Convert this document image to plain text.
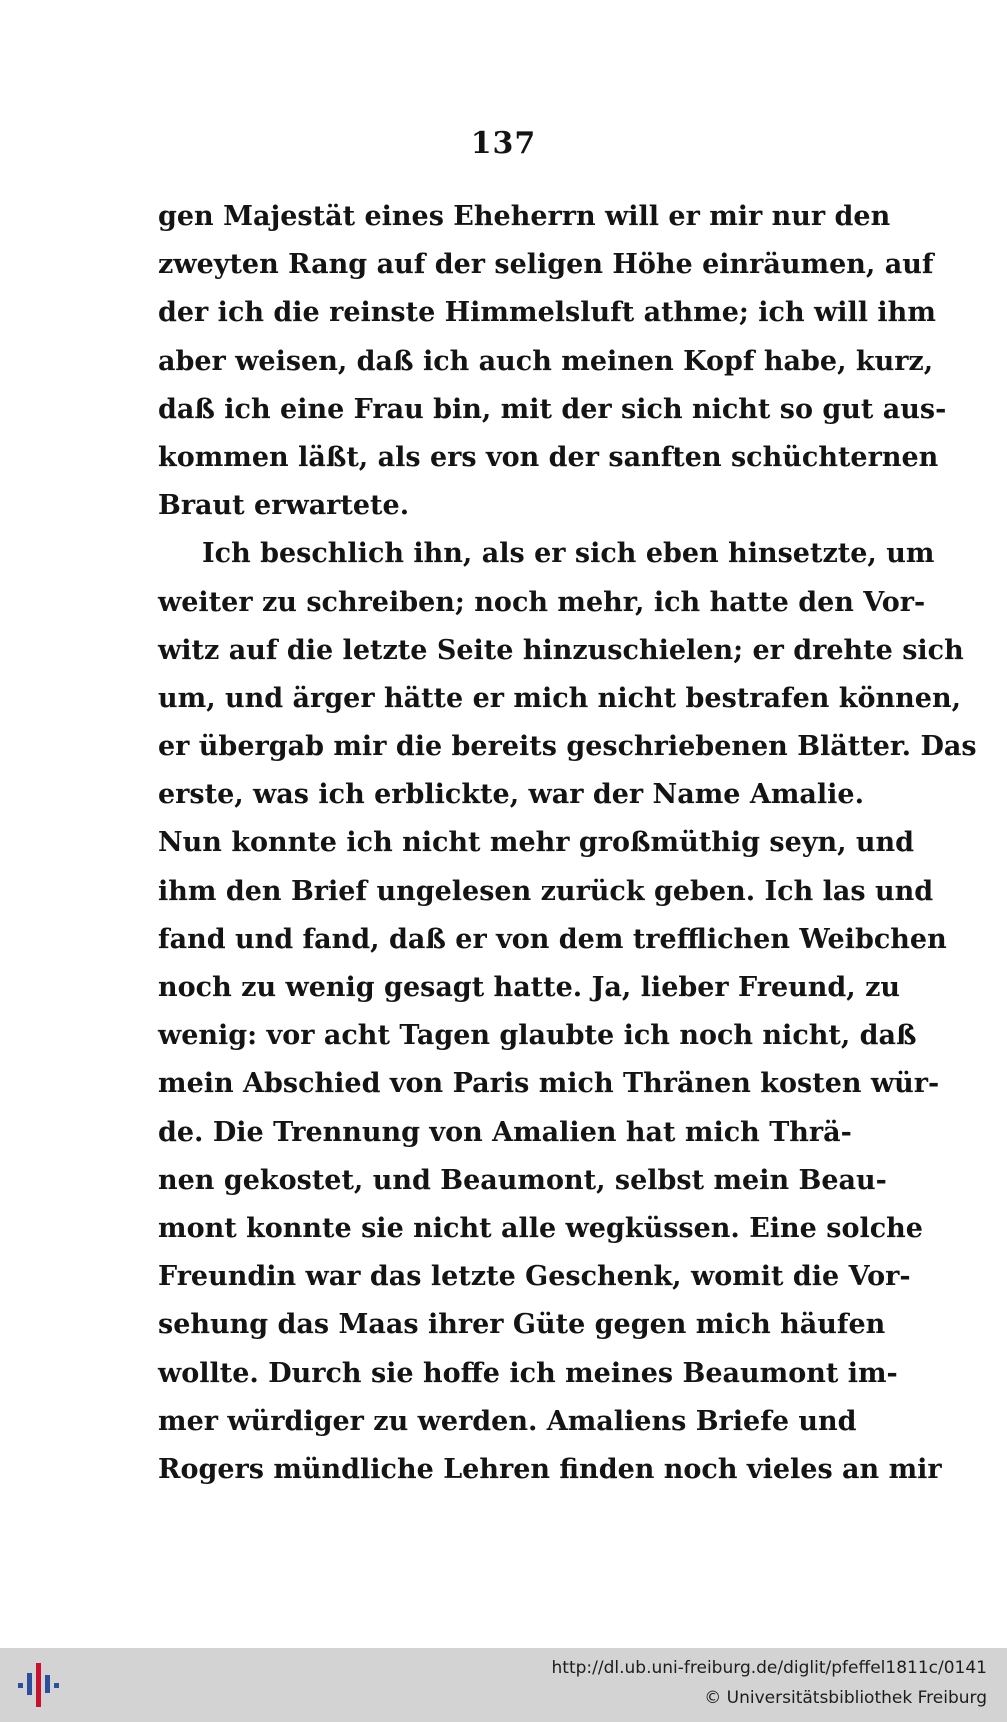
137
gen Majestät eines Eheherrn will er mir nur den
zweyten Rang auf der seligen Höhe einräumen, auf
der ich die reinste Himmelsluft athme; ich will ihm
aber weisen, daß ich auch meinen Kopf habe, kurz,
daß ich eine Frau bin, mit der sich nicht so gut aus-
kommen läßt, als ers von der sanften schüchternen
Braut erwartete.
Ich beschlich ihn, als er sich eben hinsetzte, um
weiter zu schreiben; noch mehr, ich hatte den Vor-
witz auf die letzte Seite hinzuschielen; er drehte sich
um, und ärger hätte er mich nicht bestrafen können,
er übergab mir die bereits geschriebenen Blätter. Das
erste, was ich erblickte, war der Name Amalie.
Nun konnte ich nicht mehr großmüthig seyn, und
ihm den Brief ungelesen zurück geben. Ich las und
fand und fand, daß er von dem trefflichen Weibchen
noch zu wenig gesagt hatte. Ja, lieber Freund, zu
wenig: vor acht Tagen glaubte ich noch nicht, daß
mein Abschied von Paris mich Thränen kosten wür-
de. Die Trennung von Amalien hat mich Thrä-
nen gekostet, und Beaumont, selbst mein Beau-
mont konnte sie nicht alle wegküssen. Eine solche
Freundin war das letzte Geschenk, womit die Vor-
sehung das Maas ihrer Güte gegen mich häufen
wollte. Durch sie hoffe ich meines Beaumont im-
mer würdiger zu werden. Amaliens Briefe und
Rogers mündliche Lehren finden noch vieles an mir
http://dl.ub.uni-freiburg.de/diglit/pfeffel1811c/0141
© Universitätsbibliothek Freiburg
